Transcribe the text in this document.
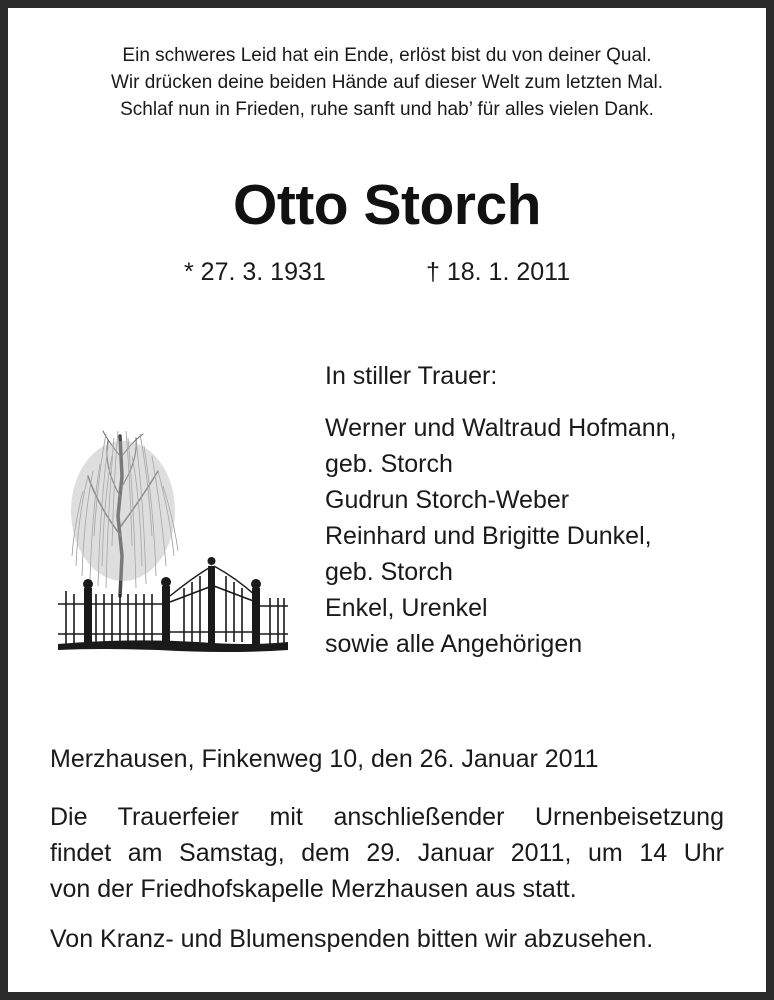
Ein schweres Leid hat ein Ende, erlöst bist du von deiner Qual.
Wir drücken deine beiden Hände auf dieser Welt zum letzten Mal.
Schlaf nun in Frieden, ruhe sanft und hab’ für alles vielen Dank.
Otto Storch
* 27. 3. 1931	† 18. 1. 2011
In stiller Trauer:
Werner und Waltraud Hofmann,
geb. Storch
Gudrun Storch-Weber
Reinhard und Brigitte Dunkel,
geb. Storch
Enkel, Urenkel
sowie alle Angehörigen
Merzhausen, Finkenweg 10, den 26. Januar 2011
Die Trauerfeier mit anschließender Urnenbeisetzung
findet am Samstag, dem 29. Januar 2011, um 14 Uhr
von der Friedhofskapelle Merzhausen aus statt.
Von Kranz- und Blumenspenden bitten wir abzusehen.
